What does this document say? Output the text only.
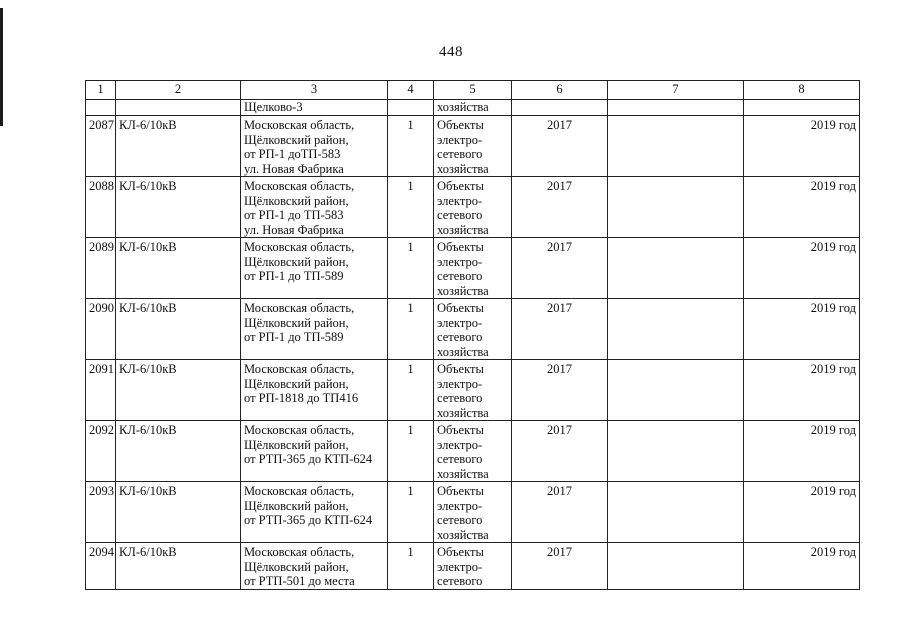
448
1	2	3	4	5	6	7	8

		Щелково-3		хозяйства			

2087	КЛ-6/10кВ	Московская область,
Щёлковский район,
от РП-1 доТП-583
ул. Новая Фабрика	1	Объекты
электро-
сетевого
хозяйства	2017		2019 год
2088	КЛ-6/10кВ	Московская область,
Щёлковский район,
от РП-1 до ТП-583
ул. Новая Фабрика	1	Объекты
электро-
сетевого
хозяйства	2017		2019 год
2089	КЛ-6/10кВ	Московская область,
Щёлковский район,
от РП-1 до ТП-589	1	Объекты
электро-
сетевого
хозяйства	2017		2019 год
2090	КЛ-6/10кВ	Московская область,
Щёлковский район,
от РП-1 до ТП-589	1	Объекты
электро-
сетевого
хозяйства	2017		2019 год
2091	КЛ-6/10кВ	Московская область,
Щёлковский район,
от РП-1818 до ТП416	1	Объекты
электро-
сетевого
хозяйства	2017		2019 год
2092	КЛ-6/10кВ	Московская область,
Щёлковский район,
от РТП-365 до КТП-624	1	Объекты
электро-
сетевого
хозяйства	2017		2019 год
2093	КЛ-6/10кВ	Московская область,
Щёлковский район,
от РТП-365 до КТП-624	1	Объекты
электро-
сетевого
хозяйства	2017		2019 год
2094	КЛ-6/10кВ	Московская область,
Щёлковский район,
от РТП-501 до места	1	Объекты
электро-
сетевого	2017		2019 год
